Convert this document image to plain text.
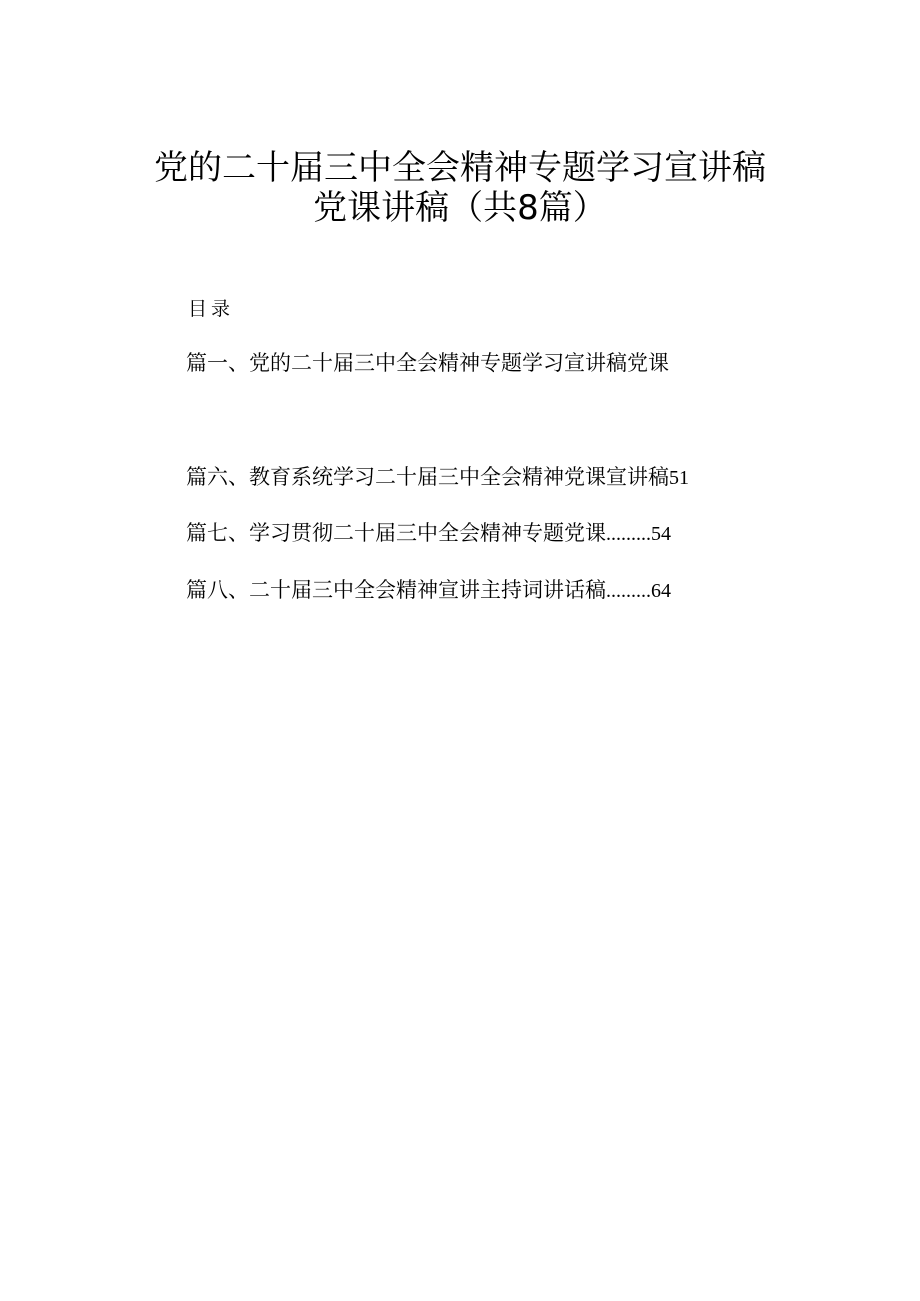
党的二十届三中全会精神专题学习宣讲稿
党课讲稿（共8篇）
目录
篇一、党的二十届三中全会精神专题学习宣讲稿党课
篇六、教育系统学习二十届三中全会精神党课宣讲稿51
篇七、学习贯彻二十届三中全会精神专题党课.........54
篇八、二十届三中全会精神宣讲主持词讲话稿.........64
